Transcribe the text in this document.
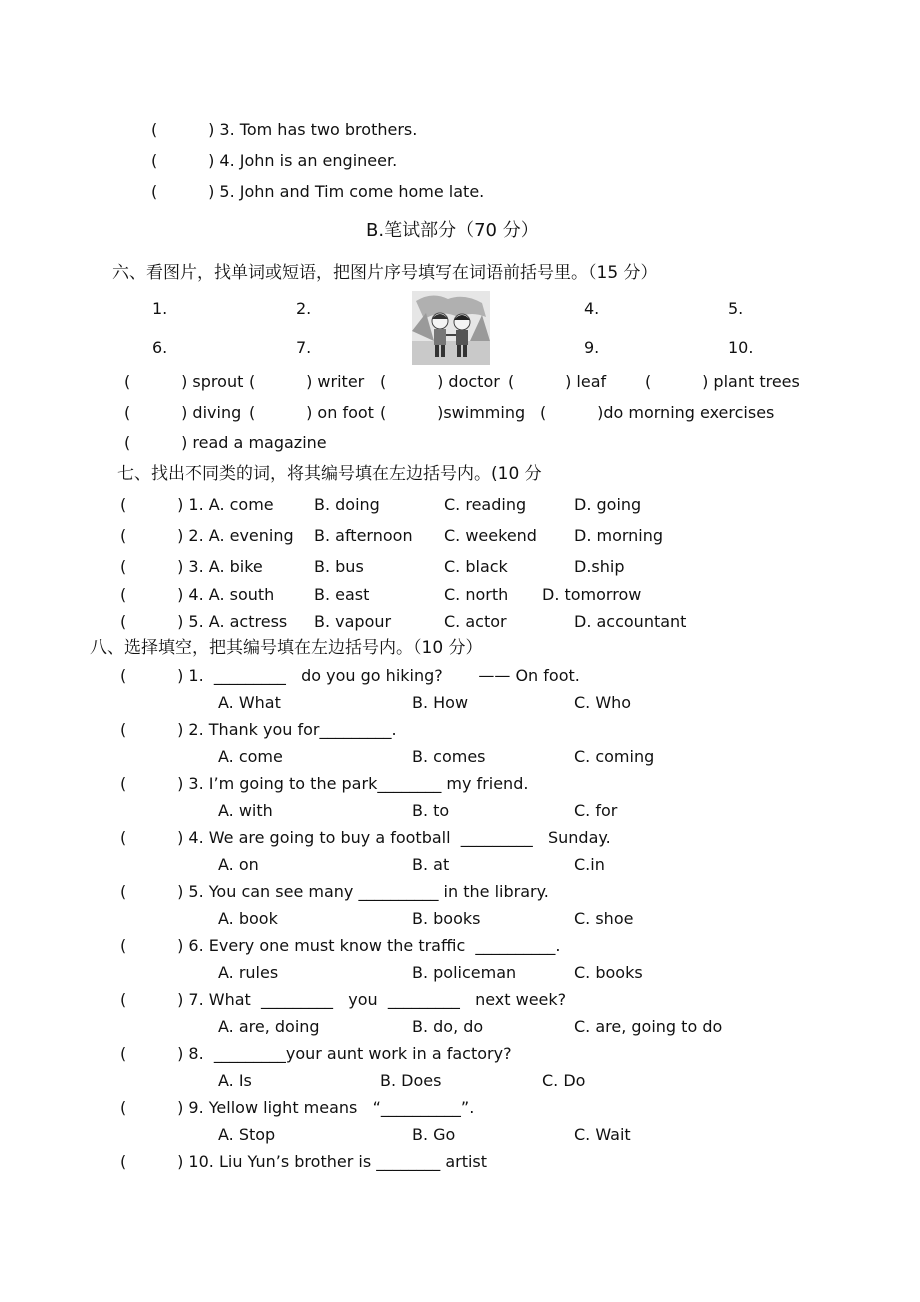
(          ) 3. Tom has two brothers.
(          ) 4. John is an engineer.
(          ) 5. John and Tim come home late.
B.笔试部分（70 分）
六、看图片，找单词或短语，把图片序号填写在词语前括号里。（15 分）
1.	2.	4.	5.
6.	7.	9.	10.
(          ) sprout (          ) writer (          ) doctor (          ) leaf (          ) plant trees
(          ) diving (          ) on foot (          )swimming (          )do morning exercises
(          ) read a magazine
七、找出不同类的词，将其编号填在左边括号内。(10 分
(          ) 1. A. come	B. doing	C. reading	D. going
(          ) 2. A. evening B. afternoon C. weekend D. morning
(          ) 3. A. bike	B. bus	C. black	D.ship
(          ) 4. A. south B. east	C. north D. tomorrow
(          ) 5. A. actress B. vapour	C. actor	D. accountant
八、选择填空，把其编号填在左边括号内。（10 分）
(          ) 1.  _________   do you go hiking?       —— On foot.
A. What	B. How	C. Who
(          ) 2. Thank you for_________.
A. come	B. comes	C. coming
(          ) 3. I’m going to the park________ my friend.
A. with	B. to	C. for
(          ) 4. We are going to buy a football  _________   Sunday.
A. on	B. at	C.in
(          ) 5. You can see many __________ in the library.
A. book	B. books	C. shoe
(          ) 6. Every one must know the traffic  __________.
A. rules	B. policeman	C. books
(          ) 7. What  _________   you  _________   next week?
A. are, doing	B. do, do	C. are, going to do
(          ) 8.  _________your aunt work in a factory?
A. Is	B. Does	C. Do
(          ) 9. Yellow light means   “__________”.
A. Stop	B. Go	C. Wait
(          ) 10. Liu Yun’s brother is ________ artist
